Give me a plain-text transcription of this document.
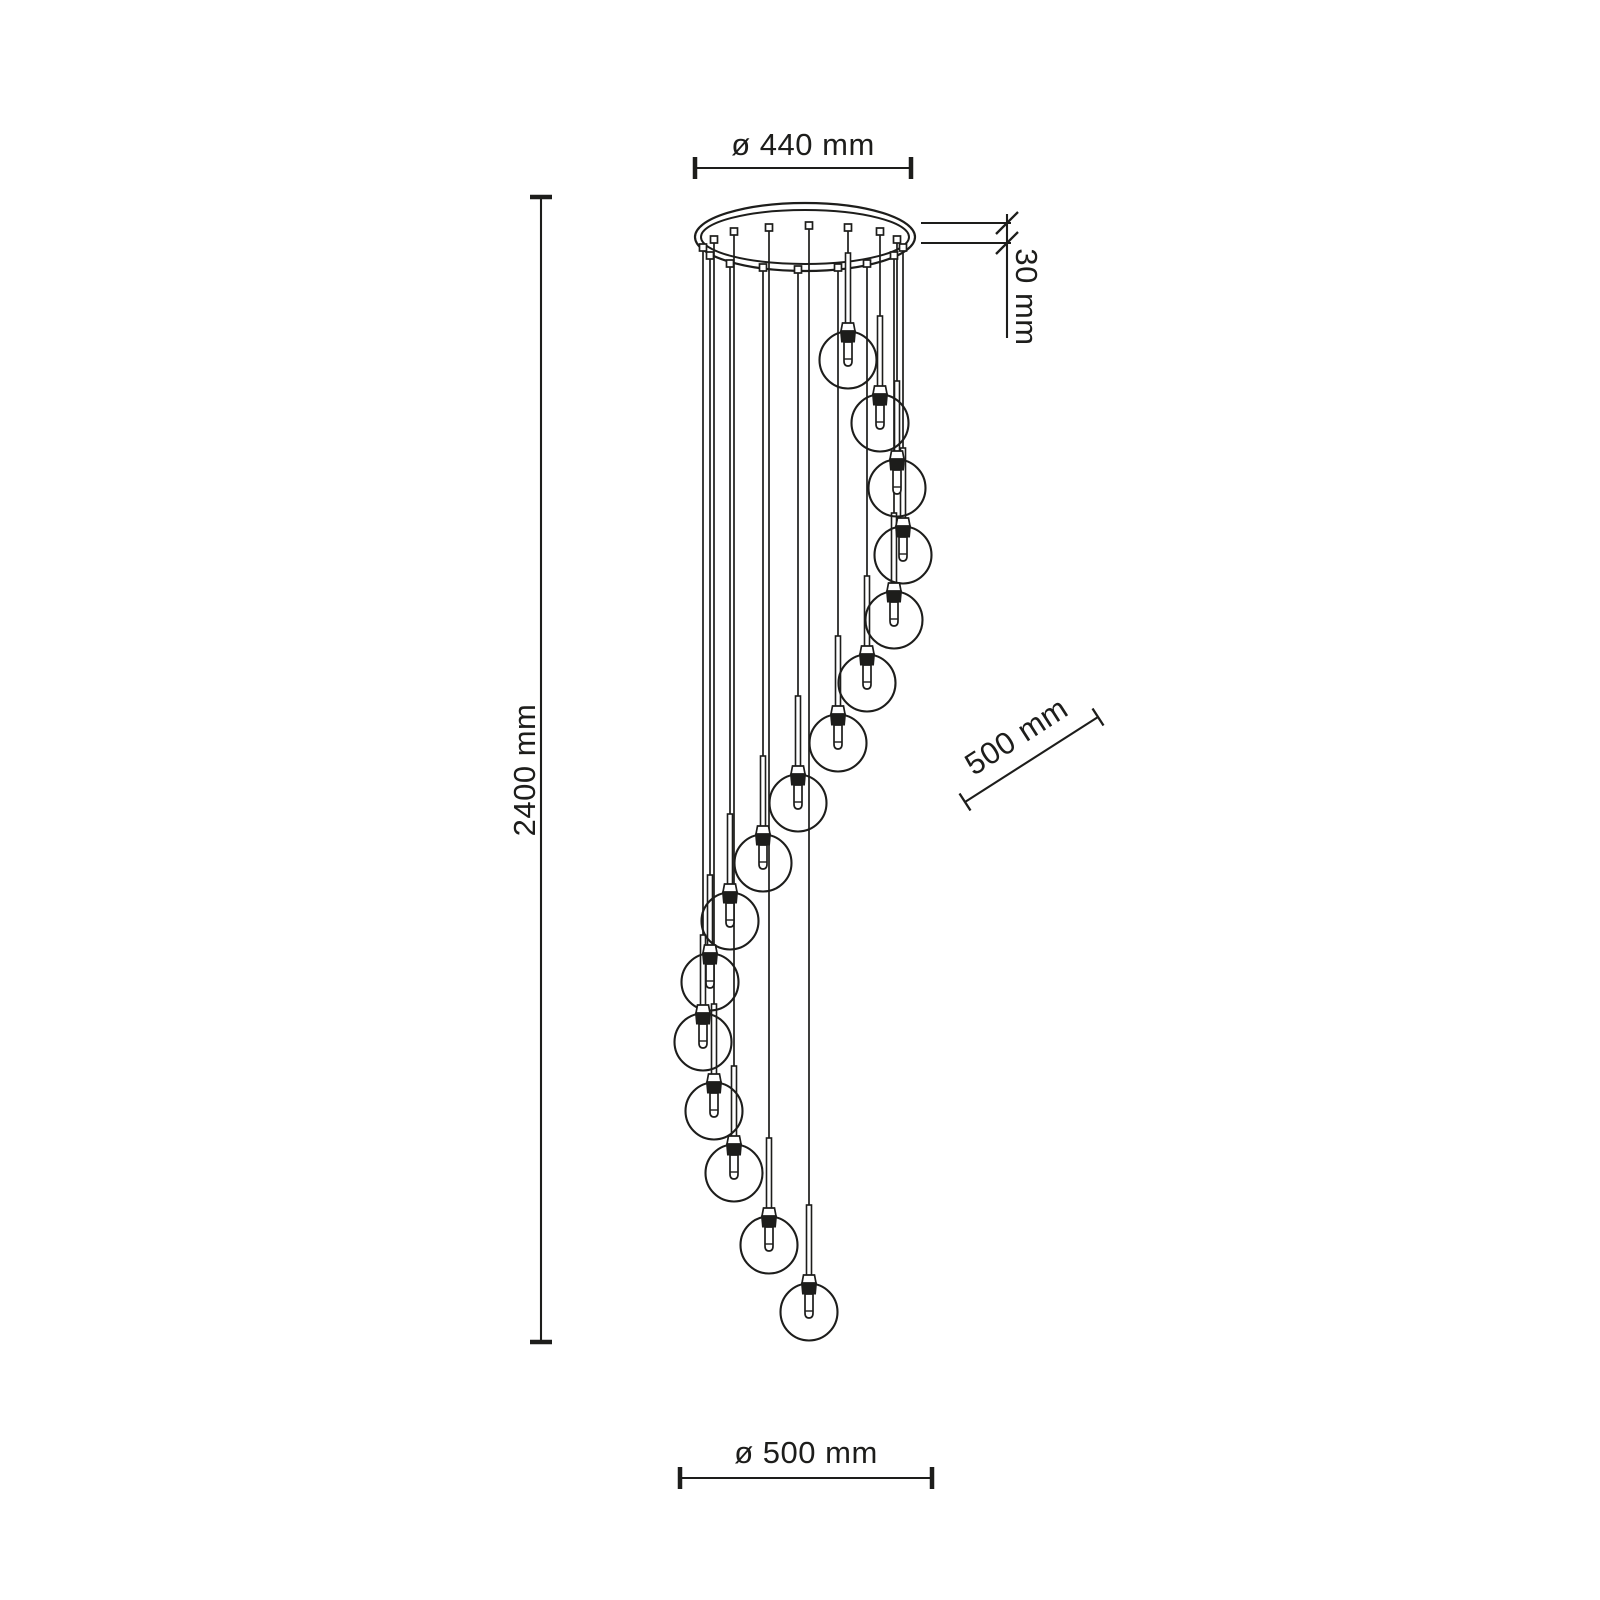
ø 440 mm
30 mm
2400 mm	500 mm
ø 500 mm
